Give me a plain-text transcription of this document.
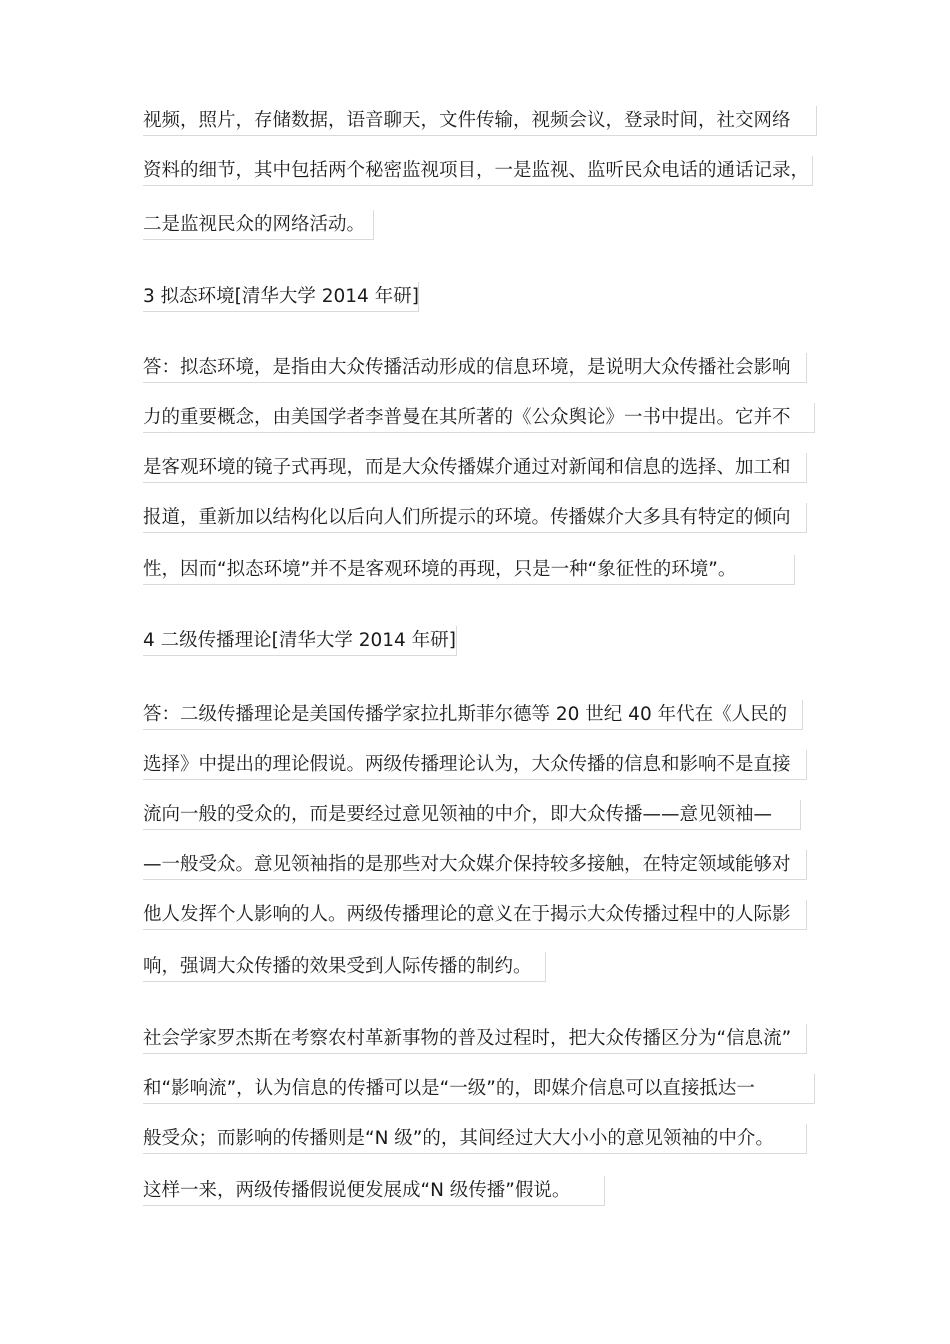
视频，照片，存储数据，语音聊天，文件传输，视频会议，登录时间，社交网络
资料的细节，其中包括两个秘密监视项目，一是监视、监听民众电话的通话记录，
二是监视民众的网络活动。
3 拟态环境[清华大学 2014 年研]
答：拟态环境，是指由大众传播活动形成的信息环境，是说明大众传播社会影响
力的重要概念，由美国学者李普曼在其所著的《公众舆论》一书中提出。它并不
是客观环境的镜子式再现，而是大众传播媒介通过对新闻和信息的选择、加工和
报道，重新加以结构化以后向人们所提示的环境。传播媒介大多具有特定的倾向
性，因而“拟态环境”并不是客观环境的再现，只是一种“象征性的环境”。
4 二级传播理论[清华大学 2014 年研]
答：二级传播理论是美国传播学家拉扎斯菲尔德等 20 世纪 40 年代在《人民的
选择》中提出的理论假说。两级传播理论认为，大众传播的信息和影响不是直接
流向一般的受众的，而是要经过意见领袖的中介，即大众传播——意见领袖—
—一般受众。意见领袖指的是那些对大众媒介保持较多接触，在特定领域能够对
他人发挥个人影响的人。两级传播理论的意义在于揭示大众传播过程中的人际影
响，强调大众传播的效果受到人际传播的制约。
社会学家罗杰斯在考察农村革新事物的普及过程时，把大众传播区分为“信息流”
和“影响流”，认为信息的传播可以是“一级”的，即媒介信息可以直接抵达一
般受众；而影响的传播则是“N 级”的，其间经过大大小小的意见领袖的中介。
这样一来，两级传播假说便发展成“N 级传播”假说。
